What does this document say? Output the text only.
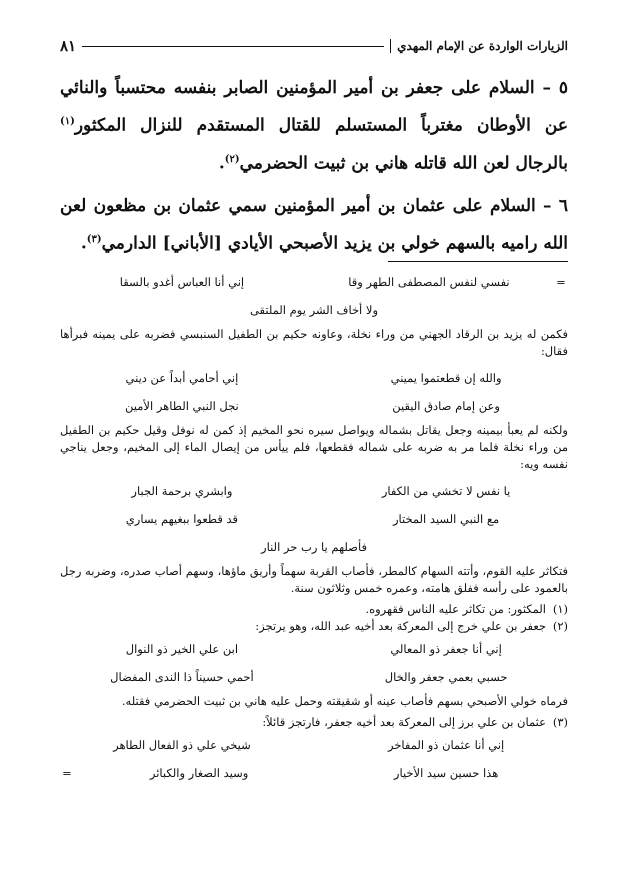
الزيارات الواردة عن الإمام المهدي
٨١

٥ – السلام على جعفر بن أمير المؤمنين الصابر بنفسه محتسباً والنائي عن الأوطان مغترباً المستسلم للقتال المستقدم للنزال المكثور$^{(١)}$ بالرجال لعن الله قاتله هاني بن ثبيت الحضرمي$^{(٢)}$.

٦ – السلام على عثمان بن أمير المؤمنين سمي عثمان بن مظعون لعن الله راميه بالسهم خولي بن يزيد الأصبحي الأيادي [الأباني] الدارمي$^{(٣)}$.

=
نفسي لنفس المصطفى الطهر وقا
إني أنا العباس أغدو بالسقا
ولا أخاف الشر يوم الملتقى
فكمن له يزيد بن الرقاد الجهني من وراء نخلة، وعاونه حكيم بن الطفيل السنبسي فضربه على يمينه فبرأها فقال:
والله إن قطعتموا يميني
إني أحامي أبداً عن ديني
وعن إمام صادق اليقين
نجل النبي الطاهر الأمين
ولكنه لم يعبأ بيمينه وجعل يقاتل بشماله ويواصل سيره نحو المخيم إذ كمن له نوفل وقيل حكيم بن الطفيل من وراء نخلة فلما مر به ضربه على شماله فقطعها، فلم ييأس من إيصال الماء إلى المخيم، وجعل يناجي نفسه ويه:
يا نفس لا تخشي من الكفار
وابشري برحمة الجبار
مع النبي السيد المختار
قد قطعوا ببغيهم يساري
فأصلهم يا رب حر النار
فتكاثر عليه القوم، وأتته السهام كالمطر، فأصاب القربة سهماً وأريق ماؤها، وسهم أصاب صدره، وضربه رجل بالعمود على رأسه ففلق هامته، وعمره خمس وثلاثون سنة.
(١)
المكثور: من تكاثر عليه الناس فقهروه.
(٢)
جعفر بن علي خرج إلى المعركة بعد أخيه عبد الله، وهو يرتجز:
إني أنا جعفر ذو المعالي
ابن علي الخير ذو النوال
حسبي بعمي جعفر والخال
أحمي حسيناً ذا الندى المفضال
فرماه خولي الأصبحي بسهم فأصاب عينه أو شقيقته وحمل عليه هاني بن ثبيت الحضرمي فقتله.
(٣)
عثمان بن علي برز إلى المعركة بعد أخيه جعفر، فارتجز قائلاً:
إني أنا عثمان ذو المفاخر
شيخي علي ذو الفعال الطاهر
هذا حسين سيد الأخيار
وسيد الصغار والكبائر
=
